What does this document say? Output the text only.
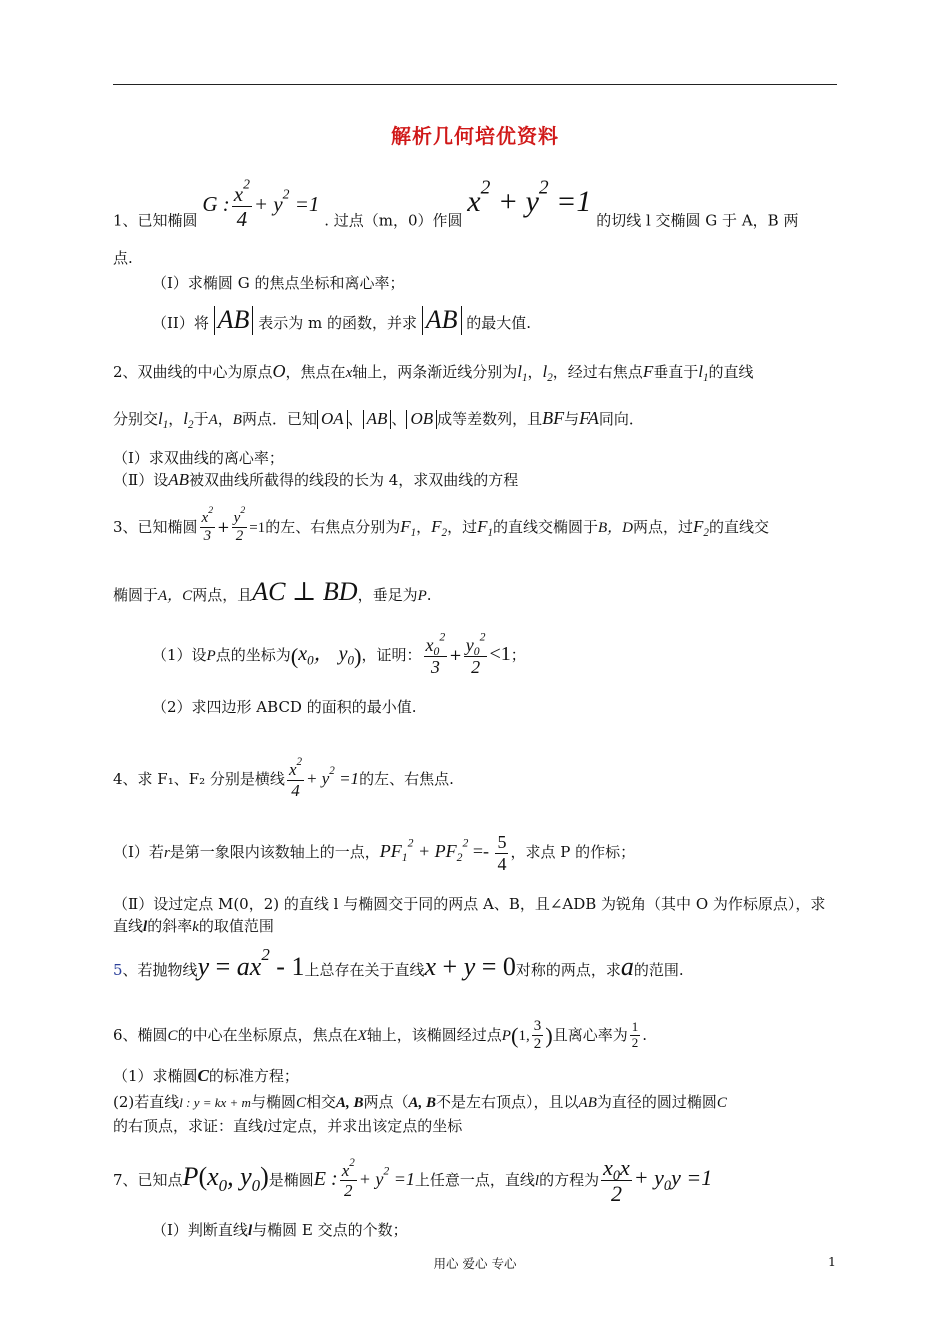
解析几何培优资料
1、已知椭圆 G : $\frac{x^2}{4} + y^2 =1$ . 过点（m，0）作圆 $x^2 + y^2 =1$ 的切线 l 交椭圆 G 于 A，B 两
点.
（I）求椭圆 G 的焦点坐标和离心率；
（II）将 AB 表示为 m 的函数，并求 AB 的最大值.
2、双曲线的中心为原点O，焦点在x轴上，两条渐近线分别为$l_1$，$l_2$，经过右焦点F垂直于$l_1$的直线
分别交$l_1$，$l_2$于A，B两点．已知 OA 、 AB 、 OB 成等差数列，且BF与FA同向．
（Ⅰ）求双曲线的离心率；
（Ⅱ）设AB被双曲线所截得的线段的长为 4，求双曲线的方程
3、已知椭圆 $\frac{x^2}{3} + \frac{y^2}{2} =1$的左、右焦点分别为$F_1$，$F_2$，过$F_1$的直线交椭圆于B，D两点，过$F_2$的直线交
椭圆于A，C两点，且AC ⊥ BD，垂足为P.
（1）设P点的坐标为($x_0$， $y_0$)，证明： $\frac{x_0^2}{3} + \frac{y_0^2}{2} <1$；
（2）求四边形 ABCD 的面积的最小值.
4、求 F₁、F₂ 分别是横线 $\frac{x^2}{4} + y^2 =1$的左、右焦点.
（Ⅰ）若r是第一象限内该数轴上的一点，$PF_1^2 + PF_2^2 =- \frac{5}{4}$ ，求点 P 的作标；
（Ⅱ）设过定点 M(0，2) 的直线 l 与椭圆交于同的两点 A、B，且∠ADB 为锐角（其中 O 为作标原点），求
直线l的斜率k的取值范围
5、若抛物线$y = ax^2 - 1$上总存在关于直线x + y = 0对称的两点，求a的范围.
6、椭圆C的中心在坐标原点，焦点在X轴上，该椭圆经过点P(1, $\frac{3}{2}$ )且离心率为 $\frac{1}{2}$ .
（1）求椭圆C的标准方程；
(2)若直线l : y = kx + m与椭圆C相交A, B两点（A, B不是左右顶点），且以AB为直径的圆过椭圆C
的右顶点，求证：直线l过定点，并求出该定点的坐标
7、已知点$P(x_0$, $y_0$)是椭圆E : $\frac{x^2}{2} + y^2 =1$上任意一点，直线l的方程为 $\frac{x_0x}{2} + y_0y =1$
（I）判断直线l与椭圆 E 交点的个数；
用心 爱心 专心	1
